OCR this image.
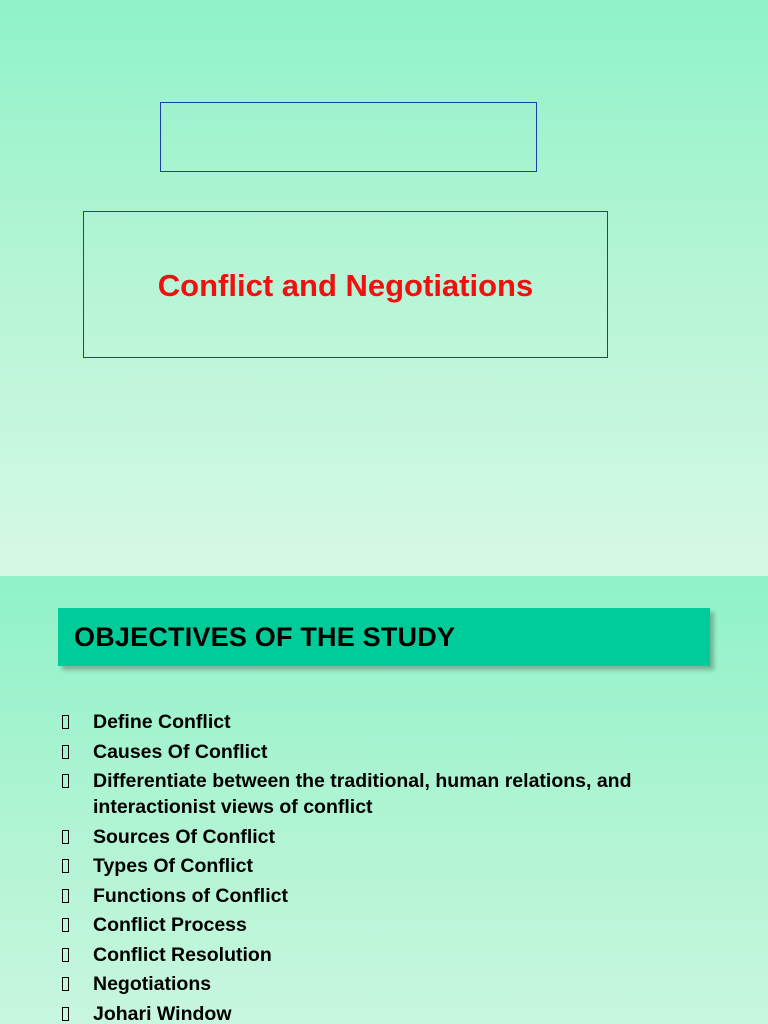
Conflict and Negotiations
OBJECTIVES OF THE STUDY
Define Conflict
Causes Of Conflict
Differentiate between the traditional, human relations, and interactionist views of conflict
Sources Of Conflict
Types Of Conflict
Functions of Conflict
Conflict Process
Conflict Resolution
Negotiations
Johari Window
